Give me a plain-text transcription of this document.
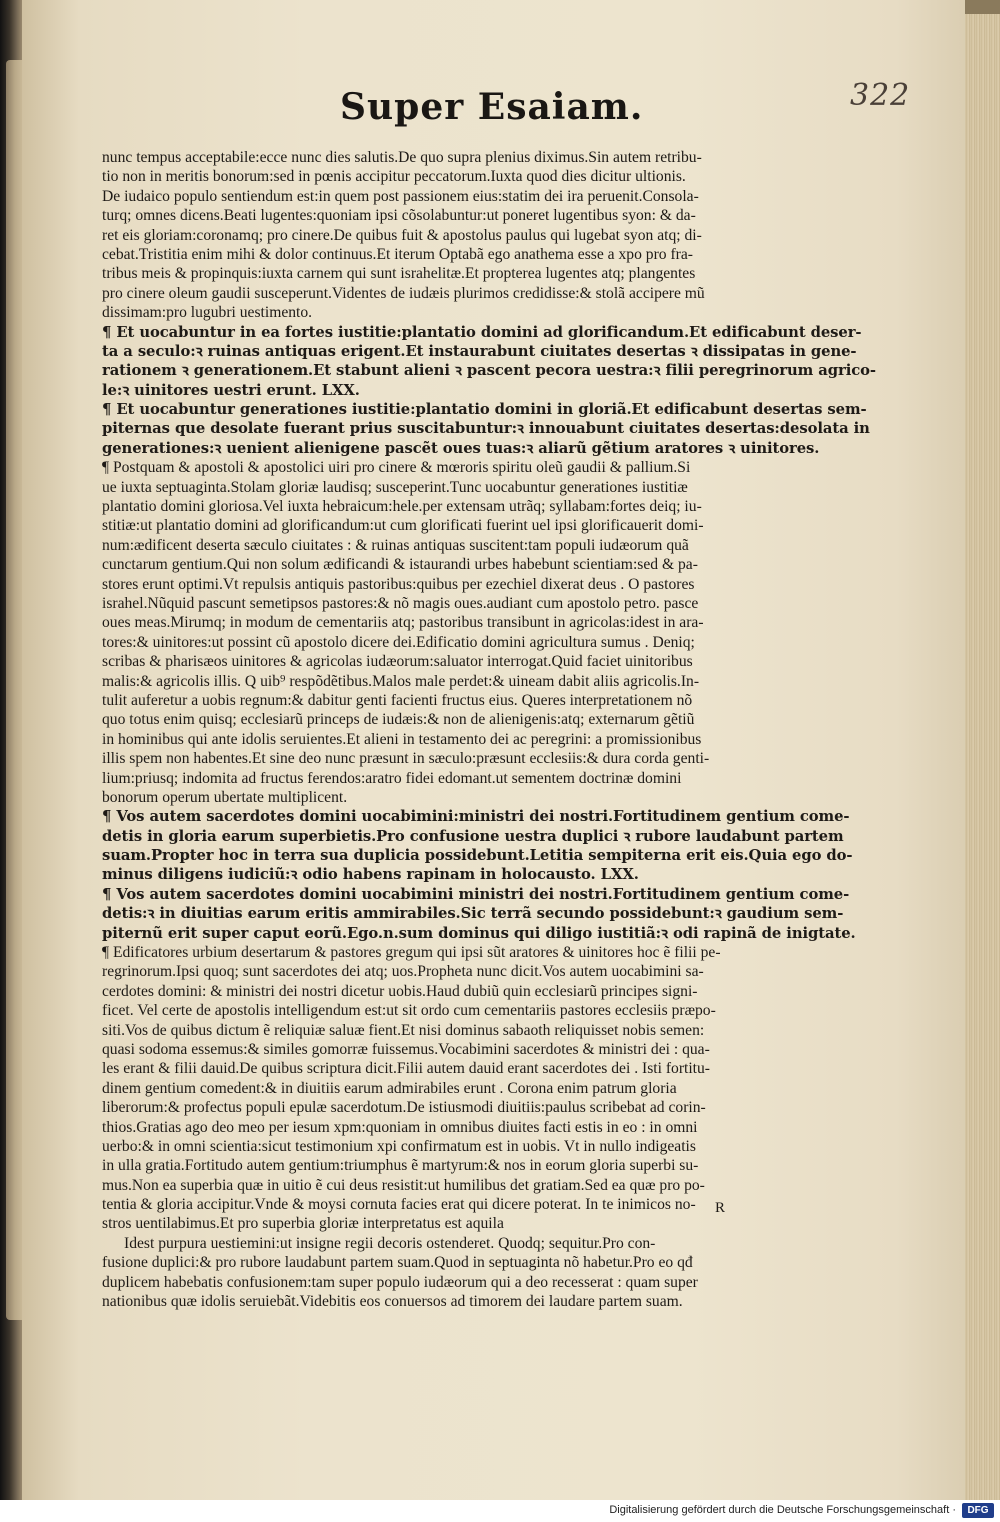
Super Esaiam.	322
nunc tempus acceptabile:ecce nunc dies salutis.De quo supra plenius diximus.Sin autem retribu-
tio non in meritis bonorum:sed in pœnis accipitur peccatorum.Iuxta quod dies dicitur ultionis.
De iudaico populo sentiendum est:in quem post passionem eius:statim dei ira peruenit.Consola-
turq; omnes dicens.Beati lugentes:quoniam ipsi cõsolabuntur:ut poneret lugentibus syon: & da-
ret eis gloriam:coronamq; pro cinere.De quibus fuit & apostolus paulus qui lugebat syon atq; di-
cebat.Tristitia enim mihi & dolor continuus.Et iterum Optabã ego anathema esse a xpo pro fra-
tribus meis & propinquis:iuxta carnem qui sunt israhelitæ.Et propterea lugentes atq; plangentes
pro cinere oleum gaudii susceperunt.Videntes de iudæis plurimos credidisse:& stolã accipere mũ
dissimam:pro lugubri uestimento.
¶ Et uocabuntur in ea fortes iustitie:plantatio domini ad glorificandum.Et edificabunt deser-
ta a seculo:ꝛ ruinas antiquas erigent.Et instaurabunt ciuitates desertas ꝛ dissipatas in gene-
rationem ꝛ generationem.Et stabunt alieni ꝛ pascent pecora uestra:ꝛ filii peregrinorum agrico-
le:ꝛ uinitores uestri erunt. LXX.
¶ Et uocabuntur generationes iustitie:plantatio domini in gloriã.Et edificabunt desertas sem-
piternas que desolate fuerant prius suscitabuntur:ꝛ innouabunt ciuitates desertas:desolata in
generationes:ꝛ uenient alienigene pascẽt oues tuas:ꝛ aliarũ gẽtium aratores ꝛ uinitores.
¶ Postquam & apostoli & apostolici uiri pro cinere & mœroris spiritu oleũ gaudii & pallium.Si
ue iuxta septuaginta.Stolam gloriæ laudisq; susceperint.Tunc uocabuntur generationes iustitiæ
plantatio domini gloriosa.Vel iuxta hebraicum:hele.per extensam utrãq; syllabam:fortes deiq; iu-
stitiæ:ut plantatio domini ad glorificandum:ut cum glorificati fuerint uel ipsi glorificauerit domi-
num:ædificent deserta sæculo ciuitates : & ruinas antiquas suscitent:tam populi iudæorum quã
cunctarum gentium.Qui non solum ædificandi & istaurandi urbes habebunt scientiam:sed & pa-
stores erunt optimi.Vt repulsis antiquis pastoribus:quibus per ezechiel dixerat deus . O pastores
israhel.Nũquid pascunt semetipsos pastores:& nõ magis oues.audiant cum apostolo petro. pasce
oues meas.Mirumq; in modum de cementariis atq; pastoribus transibunt in agricolas:idest in ara-
tores:& uinitores:ut possint cũ apostolo dicere dei.Edificatio domini agricultura sumus . Deniq;
scribas & pharisæos uinitores & agricolas iudæorum:saluator interrogat.Quid faciet uinitoribus
malis:& agricolis illis. Q uib⁹ respõdẽtibus.Malos male perdet:& uineam dabit aliis agricolis.In-
tulit auferetur a uobis regnum:& dabitur genti facienti fructus eius. Queres interpretationem nõ
quo totus enim quisq; ecclesiarũ princeps de iudæis:& non de alienigenis:atq; externarum gẽtiũ
in hominibus qui ante idolis seruientes.Et alieni in testamento dei ac peregrini: a promissionibus
illis spem non habentes.Et sine deo nunc præsunt in sæculo:præsunt ecclesiis:& dura corda genti-
lium:priusq; indomita ad fructus ferendos:aratro fidei edomant.ut sementem doctrinæ domini
bonorum operum ubertate multiplicent.
¶ Vos autem sacerdotes domini uocabimini:ministri dei nostri.Fortitudinem gentium come-
detis in gloria earum superbietis.Pro confusione uestra duplici ꝛ rubore laudabunt partem
suam.Propter hoc in terra sua duplicia possidebunt.Letitia sempiterna erit eis.Quia ego do-
minus diligens iudiciũ:ꝛ odio habens rapinam in holocausto. LXX.
¶ Vos autem sacerdotes domini uocabimini ministri dei nostri.Fortitudinem gentium come-
detis:ꝛ in diuitias earum eritis ammirabiles.Sic terrã secundo possidebunt:ꝛ gaudium sem-
piternũ erit super caput eorũ.Ego.n.sum dominus qui diligo iustitiã:ꝛ odi rapinã de inigtate.
¶ Edificatores urbium desertarum & pastores gregum qui ipsi sũt aratores & uinitores hoc ẽ filii pe-
regrinorum.Ipsi quoq; sunt sacerdotes dei atq; uos.Propheta nunc dicit.Vos autem uocabimini sa-
cerdotes domini: & ministri dei nostri dicetur uobis.Haud dubiũ quin ecclesiarũ principes signi-
ficet. Vel certe de apostolis intelligendum est:ut sit ordo cum cementariis pastores ecclesiis præpo-
siti.Vos de quibus dictum ẽ reliquiæ saluæ fient.Et nisi dominus sabaoth reliquisset nobis semen:
quasi sodoma essemus:& similes gomorræ fuissemus.Vocabimini sacerdotes & ministri dei : qua-
les erant & filii dauid.De quibus scriptura dicit.Filii autem dauid erant sacerdotes dei . Isti fortitu-
dinem gentium comedent:& in diuitiis earum admirabiles erunt . Corona enim patrum gloria
liberorum:& profectus populi epulæ sacerdotum.De istiusmodi diuitiis:paulus scribebat ad corin-
thios.Gratias ago deo meo per iesum xpm:quoniam in omnibus diuites facti estis in eo : in omni
uerbo:& in omni scientia:sicut testimonium xpi confirmatum est in uobis. Vt in nullo indigeatis
in ulla gratia.Fortitudo autem gentium:triumphus ẽ martyrum:& nos in eorum gloria superbi su-
mus.Non ea superbia quæ in uitio ẽ cui deus resistit:ut humilibus det gratiam.Sed ea quæ pro po-
tentia & gloria accipitur.Vnde & moysi cornuta facies erat qui dicere poterat. In te inimicos no-
stros uentilabimus.Et pro superbia gloriæ interpretatus est aquila
Idest purpura uestiemini:ut insigne regii decoris ostenderet. Quodq; sequitur.Pro con-
fusione duplici:& pro rubore laudabunt partem suam.Quod in septuaginta nõ habetur.Pro eo qđ
duplicem habebatis confusionem:tam super populo iudæorum qui a deo recesserat : quam super
nationibus quæ idolis seruiebãt.Videbitis eos conuersos ad timorem dei laudare partem suam.
R
Digitalisierung gefördert durch die Deutsche Forschungsgemeinschaft ·	DFG
